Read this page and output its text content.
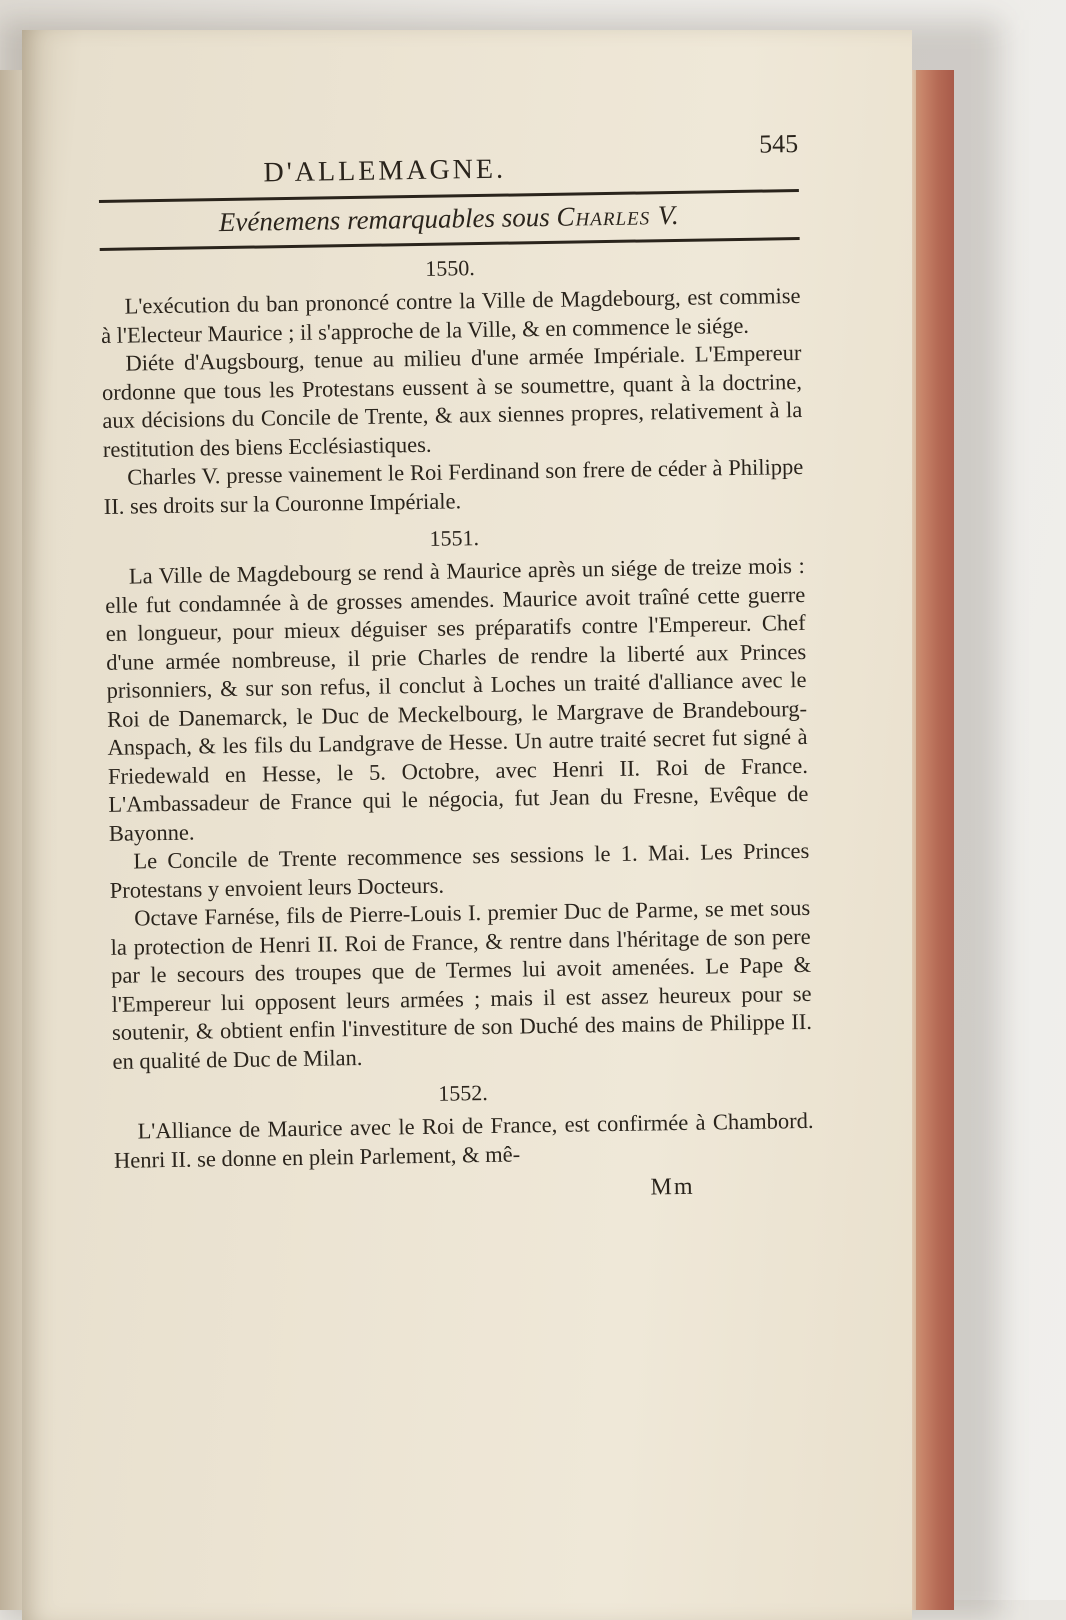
D'ALLEMAGNE.
545
Evénemens remarquables sous Charles V.
1550.

L'exécution du ban prononcé contre la Ville de Magdebourg, est commise à l'Electeur Maurice ; il s'approche de la Ville, & en commence le siége.

Diéte d'Augsbourg, tenue au milieu d'une armée Impériale. L'Empereur ordonne que tous les Protestans eussent à se soumettre, quant à la doctrine, aux décisions du Concile de Trente, & aux siennes propres, relativement à la restitution des biens Ecclésiastiques.

Charles V. presse vainement le Roi Ferdinand son frere de céder à Philippe II. ses droits sur la Couronne Impériale.

1551.

La Ville de Magdebourg se rend à Maurice après un siége de treize mois : elle fut condamnée à de grosses amendes. Maurice avoit traîné cette guerre en longueur, pour mieux déguiser ses préparatifs contre l'Empereur. Chef d'une armée nombreuse, il prie Charles de rendre la liberté aux Princes prisonniers, & sur son refus, il conclut à Loches un traité d'alliance avec le Roi de Danemarck, le Duc de Meckelbourg, le Margrave de Brandebourg-Anspach, & les fils du Landgrave de Hesse. Un autre traité secret fut signé à Friedewald en Hesse, le 5. Octobre, avec Henri II. Roi de France. L'Ambassadeur de France qui le négocia, fut Jean du Fresne, Evêque de Bayonne.

Le Concile de Trente recommence ses sessions le 1. Mai. Les Princes Protestans y envoient leurs Docteurs.

Octave Farnése, fils de Pierre-Louis I. premier Duc de Parme, se met sous la protection de Henri II. Roi de France, & rentre dans l'héritage de son pere par le secours des troupes que de Termes lui avoit amenées. Le Pape & l'Empereur lui opposent leurs armées ; mais il est assez heureux pour se soutenir, & obtient enfin l'investiture de son Duché des mains de Philippe II. en qualité de Duc de Milan.

1552.

L'Alliance de Maurice avec le Roi de France, est confirmée à Chambord. Henri II. se donne en plein Parlement, & mê-

Mm
